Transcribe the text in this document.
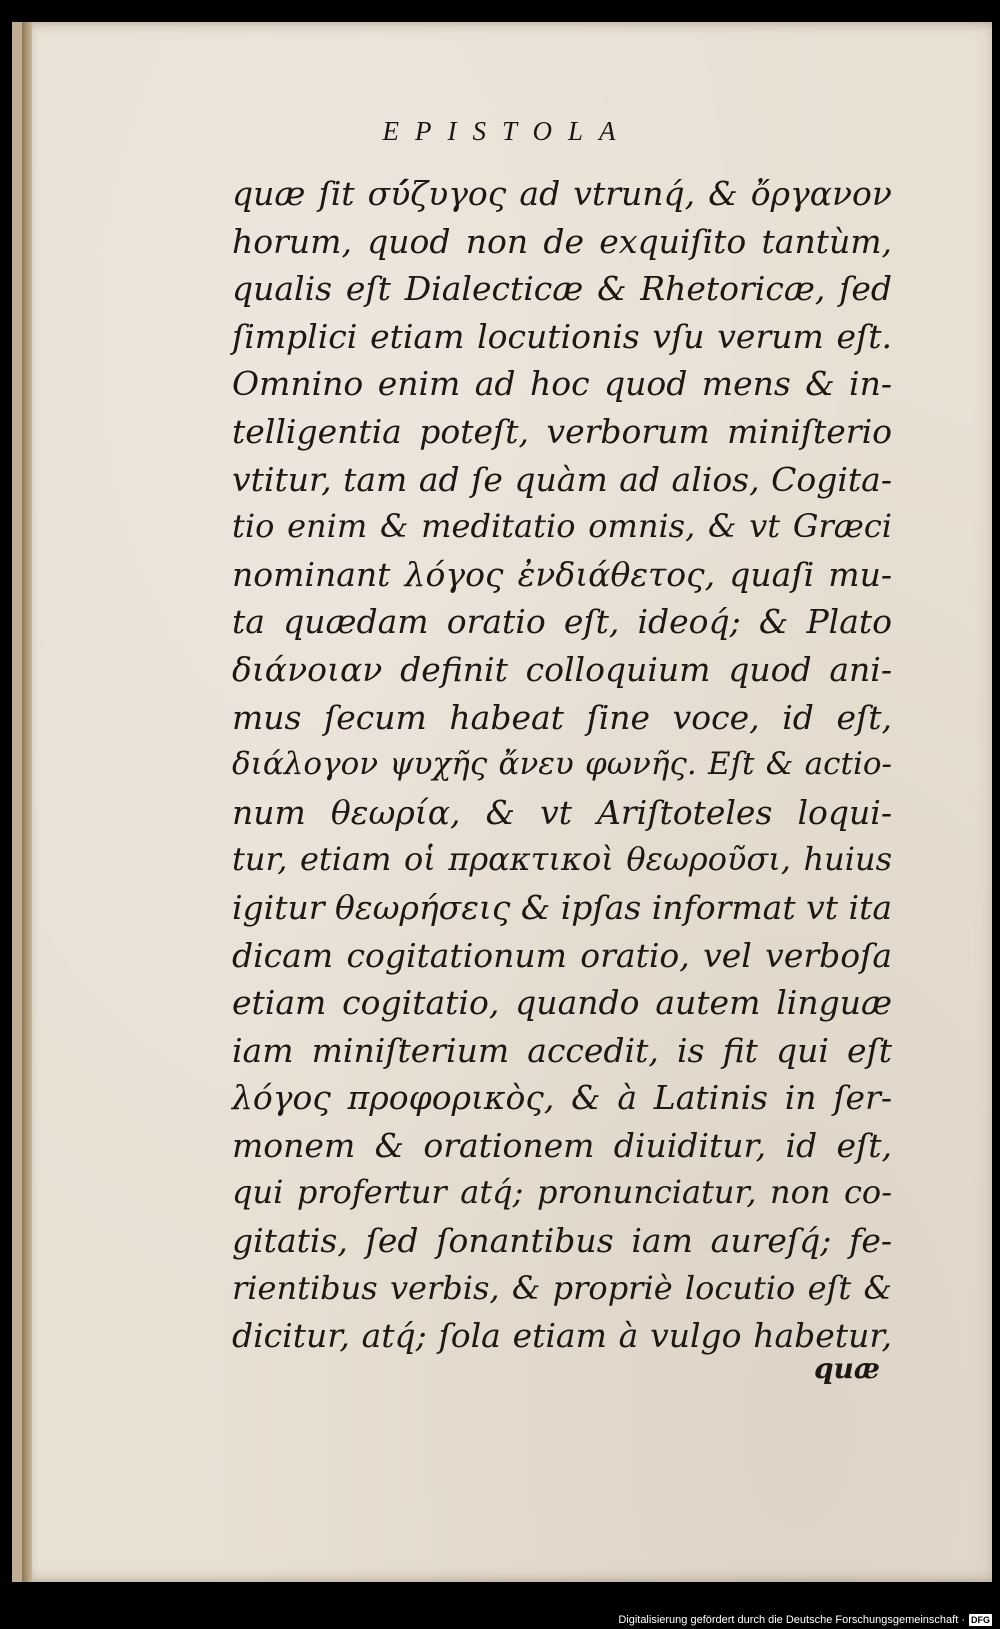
EPISTOLA
quæ ſit σύ́ζυγος ad vtrunq́, & ὄργανον
horum, quod non de exquiſito tantùm,
qualis eſt Dialecticæ & Rhetoricæ, ſed
ſimplici etiam locutionis vſu verum eſt.
Omnino enim ad hoc quod mens & in-
telligentia poteſt, verborum miniſterio
vtitur, tam ad ſe quàm ad alios, Cogita-
tio enim & meditatio omnis, & vt Græci
nominant λόγος ἐνδιάθετος, quaſi mu-
ta quædam oratio eſt, ideoq́; & Plato
διάνοιαν definit colloquium quod ani-
mus ſecum habeat ſine voce, id eſt,
διάλογον ψυχῆς ἄνευ φωνῆς. Eſt & actio-
num θεωρία, & vt Ariſtoteles loqui-
tur, etiam οἱ πρακτικοὶ θεωροῦσι, huius
igitur θεωρήσεις & ipſas informat vt ita
dicam cogitationum oratio, vel verboſa
etiam cogitatio, quando autem linguæ
iam miniſterium accedit, is fit qui eſt
λόγος προφορικὸς, & à Latinis in ſer-
monem & orationem diuiditur, id eſt,
qui profertur atq́; pronunciatur, non co-
gitatis, ſed ſonantibus iam aureſq́; fe-
rientibus verbis, & propriè locutio eſt &
dicitur, atq́; ſola etiam à vulgo habetur,
quæ
Digitalisierung gefördert durch die Deutsche Forschungsgemeinschaft · DFG
